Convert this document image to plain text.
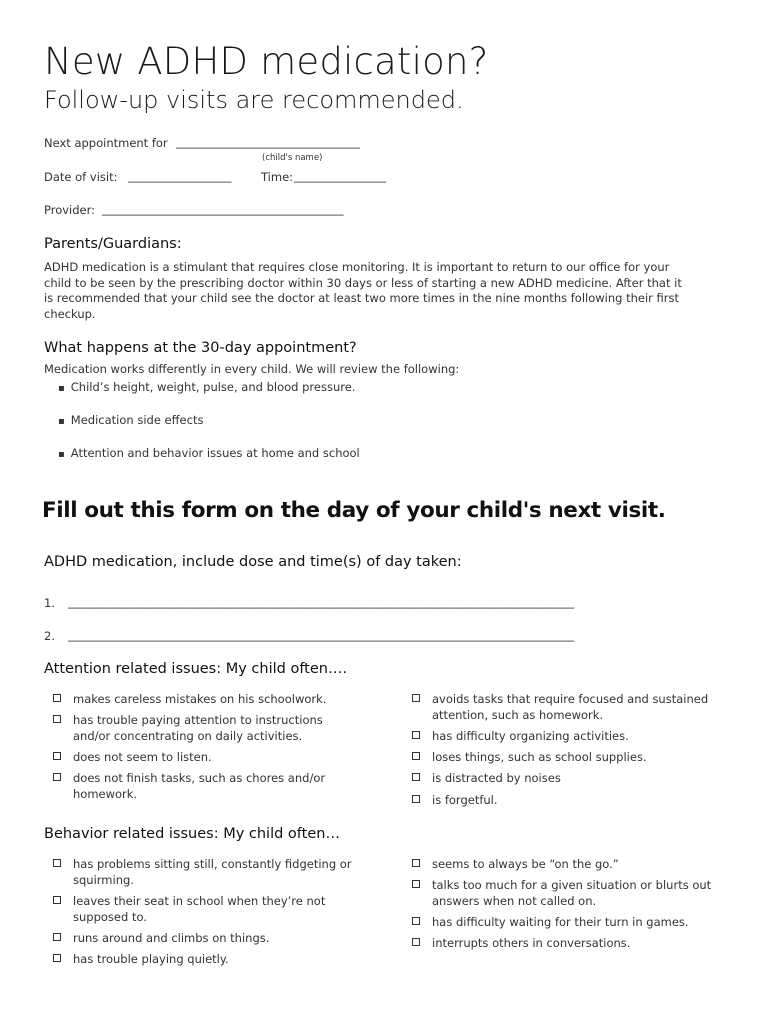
New ADHD medication?
Follow-up visits are recommended.
Next appointment for ________________________________
(child's name)
Date of visit: __________________	Time: ________________
Provider: __________________________________________
Parents/Guardians:
ADHD medication is a stimulant that requires close monitoring. It is important to return to our office for your child to be seen by the prescribing doctor within 30 days or less of starting a new ADHD medicine. After that it is recommended that your child see the doctor at least two more times in the nine months following their first checkup.
What happens at the 30-day appointment?
Medication works differently in every child. We will review the following:
▪ Child’s height, weight, pulse, and blood pressure.
▪ Medication side effects
▪ Attention and behavior issues at home and school
Fill out this form on the day of your child's next visit.
ADHD medication, include dose and time(s) of day taken:
1. ________________________________________________________________________________________
2. ________________________________________________________________________________________
Attention related issues: My child often….
makes careless mistakes on his schoolwork.
has trouble paying attention to instructions and/or concentrating on daily activities.
does not seem to listen.
does not finish tasks, such as chores and/or homework.
avoids tasks that require focused and sustained attention, such as homework.
has difficulty organizing activities.
loses things, such as school supplies.
is distracted by noises
is forgetful.
Behavior related issues: My child often…
has problems sitting still, constantly fidgeting or squirming.
leaves their seat in school when they’re not supposed to.
runs around and climbs on things.
has trouble playing quietly.
seems to always be “on the go.”
talks too much for a given situation or blurts out answers when not called on.
has difficulty waiting for their turn in games.
interrupts others in conversations.
